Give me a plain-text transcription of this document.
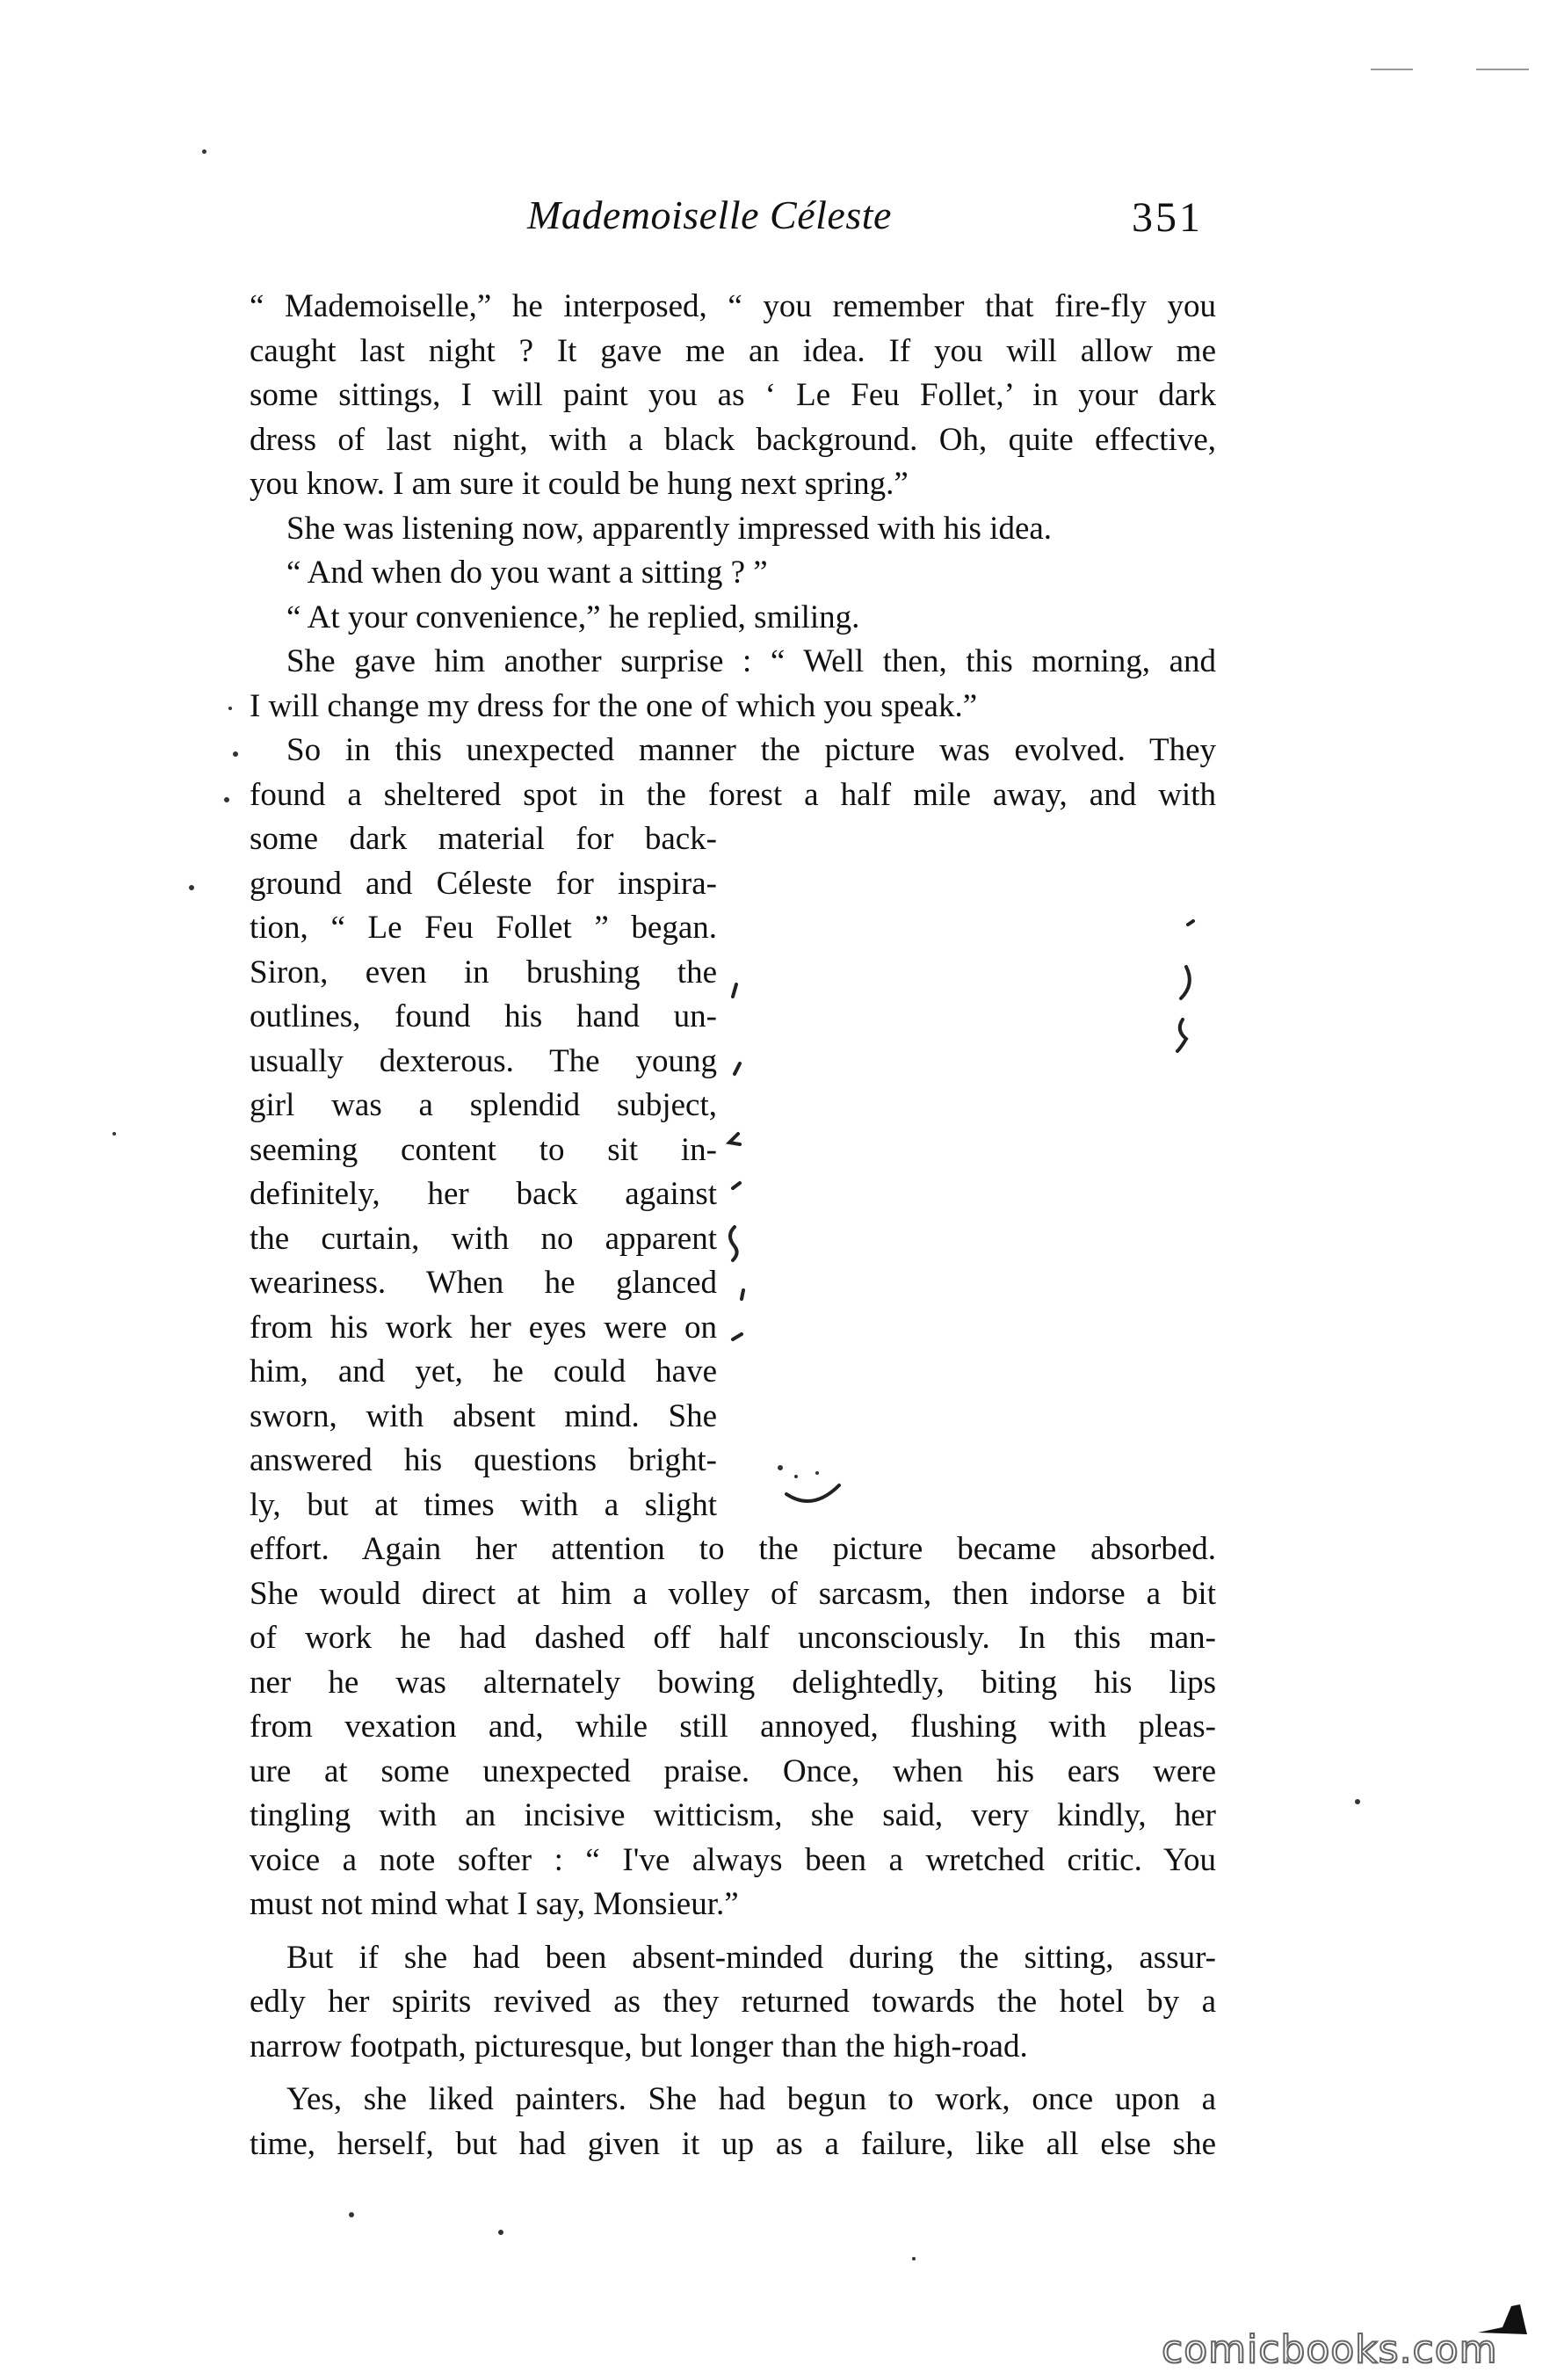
Mademoiselle Céleste	351
“ Mademoiselle,” he interposed, “ you remember that fire-fly you
caught last night ? It gave me an idea. If you will allow me
some sittings, I will paint you as ‘ Le Feu Follet,’ in your dark
dress of last night, with a black background. Oh, quite effective,
you know. I am sure it could be hung next spring.”
She was listening now, apparently impressed with his idea.
“ And when do you want a sitting ? ”
“ At your convenience,” he replied, smiling.
She gave him another surprise : “ Well then, this morning, and
I will change my dress for the one of which you speak.”
So in this unexpected manner the picture was evolved. They
found a sheltered spot in the forest a half mile away, and with
some dark material for back-
ground and Céleste for inspira-
tion, “ Le Feu Follet ” began.
Siron, even in brushing the
outlines, found his hand un-
usually dexterous. The young
girl was a splendid subject,
seeming content to sit in-
definitely, her back against
the curtain, with no apparent
weariness. When he glanced
from his work her eyes were on
him, and yet, he could have
sworn, with absent mind. She
answered his questions bright-
ly, but at times with a slight
effort. Again her attention to the picture became absorbed.
She would direct at him a volley of sarcasm, then indorse a bit
of work he had dashed off half unconsciously. In this man-
ner he was alternately bowing delightedly, biting his lips
from vexation and, while still annoyed, flushing with pleas-
ure at some unexpected praise. Once, when his ears were
tingling with an incisive witticism, she said, very kindly, her
voice a note softer : “ I've always been a wretched critic. You
must not mind what I say, Monsieur.”
But if she had been absent-minded during the sitting, assur-
edly her spirits revived as they returned towards the hotel by a
narrow footpath, picturesque, but longer than the high-road.
Yes, she liked painters. She had begun to work, once upon a
time, herself, but had given it up as a failure, like all else she
comicbooks.com
